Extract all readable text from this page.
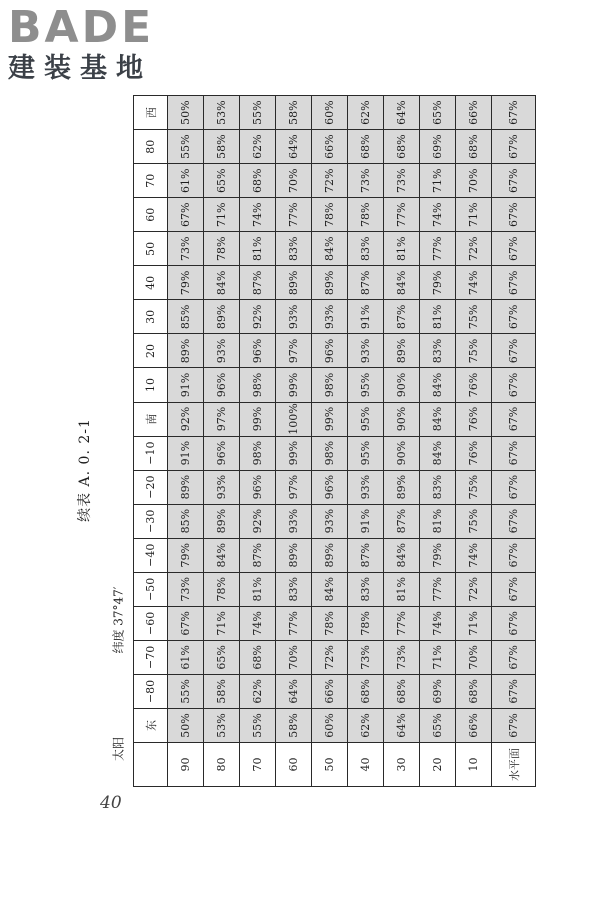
BADE
建装基地
续表 A. 0. 2-1
纬度 37°47′
太阳
	东	−80	−70	−60	−50	−40	−30	−20	−10	南	10	20	30	40	50	60	70	80	西
90	50%	55%	61%	67%	73%	79%	85%	89%	91%	92%	91%	89%	85%	79%	73%	67%	61%	55%	50%
80	53%	58%	65%	71%	78%	84%	89%	93%	96%	97%	96%	93%	89%	84%	78%	71%	65%	58%	53%
70	55%	62%	68%	74%	81%	87%	92%	96%	98%	99%	98%	96%	92%	87%	81%	74%	68%	62%	55%
60	58%	64%	70%	77%	83%	89%	93%	97%	99%	100%	99%	97%	93%	89%	83%	77%	70%	64%	58%
50	60%	66%	72%	78%	84%	89%	93%	96%	98%	99%	98%	96%	93%	89%	84%	78%	72%	66%	60%
40	62%	68%	73%	78%	83%	87%	91%	93%	95%	95%	95%	93%	91%	87%	83%	78%	73%	68%	62%
30	64%	68%	73%	77%	81%	84%	87%	89%	90%	90%	90%	89%	87%	84%	81%	77%	73%	68%	64%
20	65%	69%	71%	74%	77%	79%	81%	83%	84%	84%	84%	83%	81%	79%	77%	74%	71%	69%	65%
10	66%	68%	70%	71%	72%	74%	75%	75%	76%	76%	76%	75%	75%	74%	72%	71%	70%	68%	66%
水平面	67%	67%	67%	67%	67%	67%	67%	67%	67%	67%	67%	67%	67%	67%	67%	67%	67%	67%	67%
40
